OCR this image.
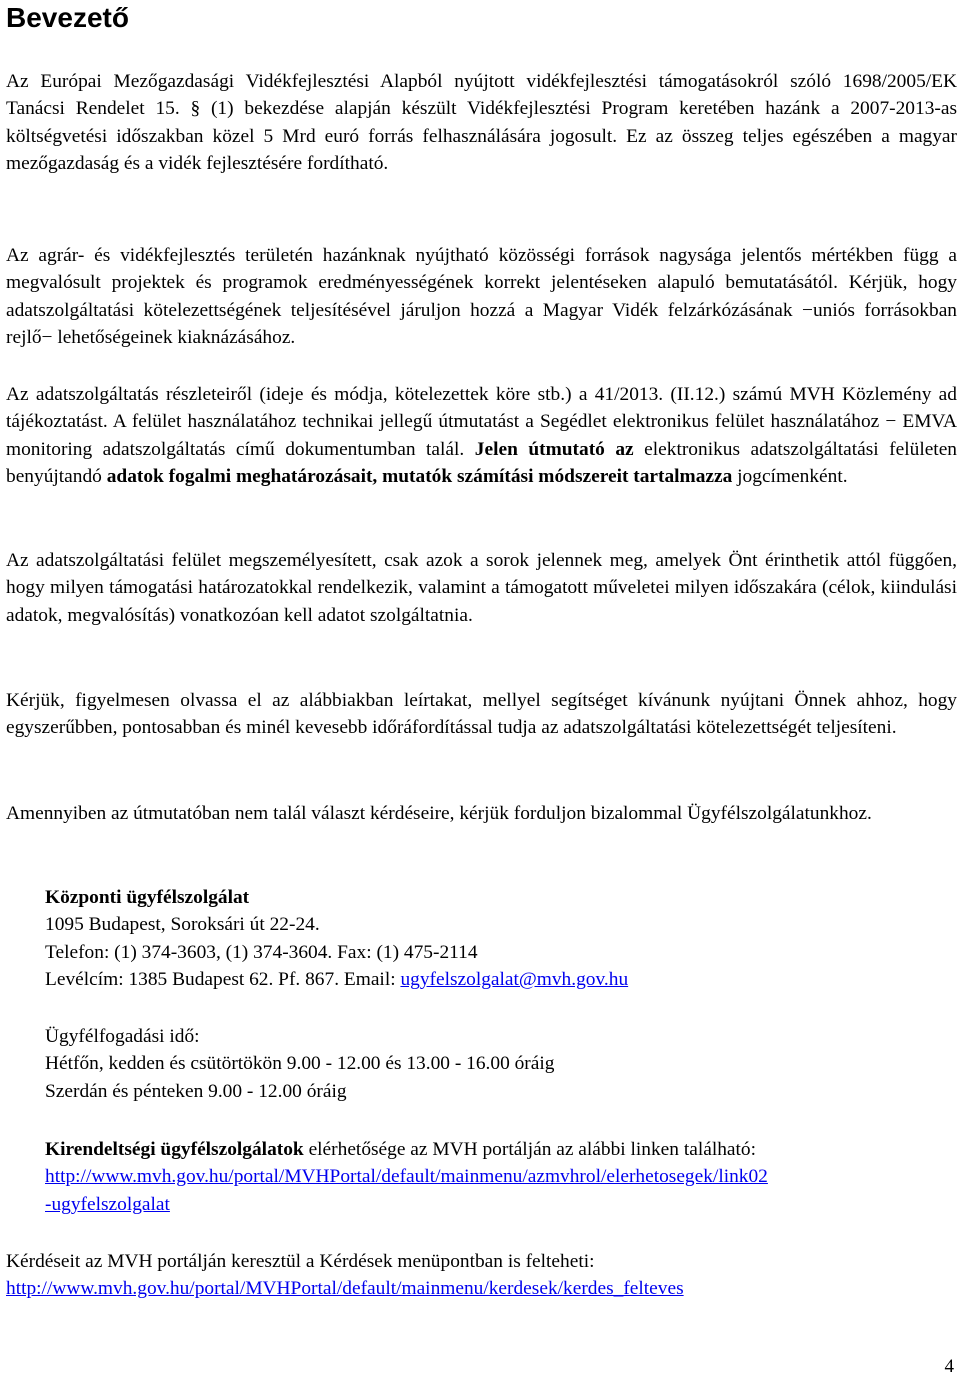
Bevezető

Az Európai Mezőgazdasági Vidékfejlesztési Alapból nyújtott vidékfejlesztési támogatásokról szóló 1698/2005/EK Tanácsi Rendelet 15. § (1) bekezdése alapján készült Vidékfejlesztési Program keretében hazánk a 2007-2013-as költségvetési időszakban közel 5 Mrd euró forrás felhasználására jogosult. Ez az összeg teljes egészében a magyar mezőgazdaság és a vidék fejlesztésére fordítható.

Az agrár- és vidékfejlesztés területén hazánknak nyújtható közösségi források nagysága jelentős mértékben függ a megvalósult projektek és programok eredményességének korrekt jelentéseken alapuló bemutatásától. Kérjük, hogy adatszolgáltatási kötelezettségének teljesítésével járuljon hozzá a Magyar Vidék felzárkózásának −uniós forrásokban rejlő− lehetőségeinek kiaknázásához.

Az adatszolgáltatás részleteiről (ideje és módja, kötelezettek köre stb.) a 41/2013. (II.12.) számú MVH Közlemény ad tájékoztatást. A felület használatához technikai jellegű útmutatást a Segédlet elektronikus felület használatához − EMVA monitoring adatszolgáltatás című dokumentumban talál. Jelen útmutató az elektronikus adatszolgáltatási felületen benyújtandó adatok fogalmi meghatározásait, mutatók számítási módszereit tartalmazza jogcímenként.

Az adatszolgáltatási felület megszemélyesített, csak azok a sorok jelennek meg, amelyek Önt érinthetik attól függően, hogy milyen támogatási határozatokkal rendelkezik, valamint a támogatott műveletei milyen időszakára (célok, kiindulási adatok, megvalósítás) vonatkozóan kell adatot szolgáltatnia.

Kérjük, figyelmesen olvassa el az alábbiakban leírtakat, mellyel segítséget kívánunk nyújtani Önnek ahhoz, hogy egyszerűbben, pontosabban és minél kevesebb időráfordítással tudja az adatszolgáltatási kötelezettségét teljesíteni.

Amennyiben az útmutatóban nem talál választ kérdéseire, kérjük forduljon bizalommal Ügyfélszolgálatunkhoz.

Központi ügyfélszolgálat
1095 Budapest, Soroksári út 22-24.
Telefon: (1) 374-3603, (1) 374-3604. Fax: (1) 475-2114
Levélcím: 1385 Budapest 62. Pf. 867. Email: ugyfelszolgalat@mvh.gov.hu
Ügyfélfogadási idő:
Hétfőn, kedden és csütörtökön 9.00 - 12.00 és 13.00 - 16.00 óráig
Szerdán és pénteken 9.00 - 12.00 óráig
Kirendeltségi ügyfélszolgálatok elérhetősége az MVH portálján az alábbi linken található:
http://www.mvh.gov.hu/portal/MVHPortal/default/mainmenu/azmvhrol/elerhetosegek/link02
-ugyfelszolgalat
Kérdéseit az MVH portálján keresztül a Kérdések menüpontban is felteheti:
http://www.mvh.gov.hu/portal/MVHPortal/default/mainmenu/kerdesek/kerdes_felteves
4
